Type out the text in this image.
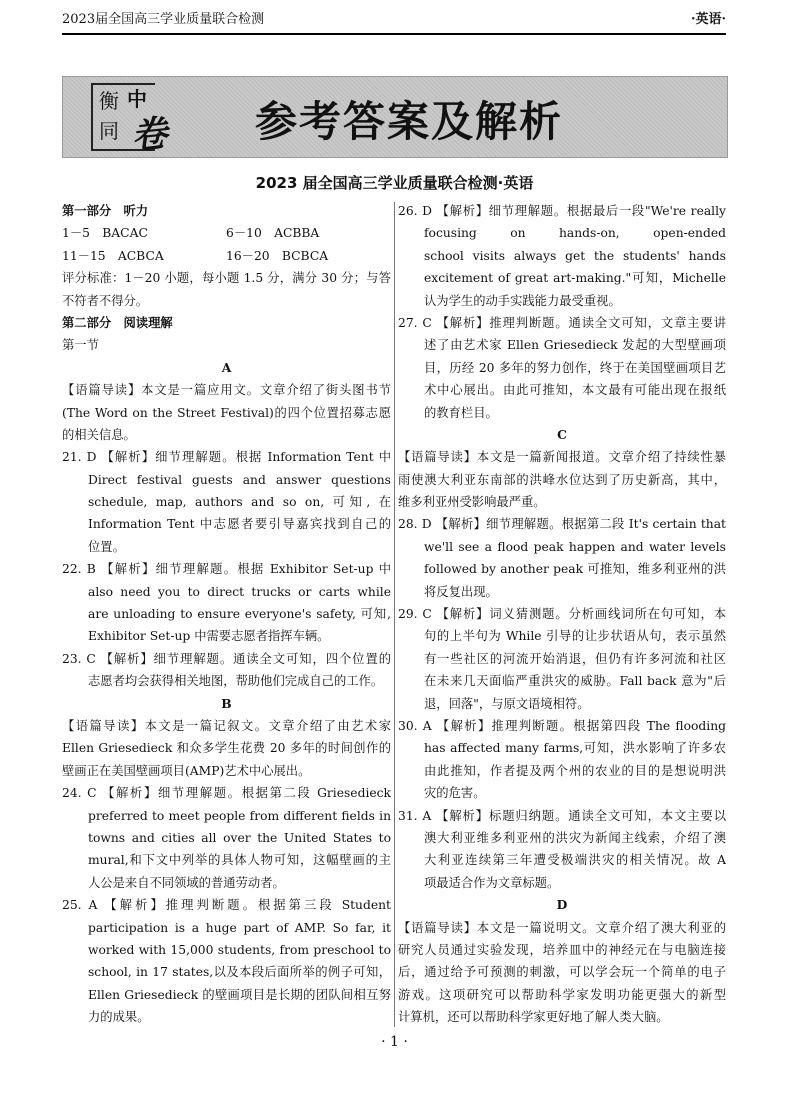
2023届全国高三学业质量联合检测	·英语·
衡 中
同 卷 参考答案及解析
2023 届全国高三学业质量联合检测·英语
第一部分　听力
1－5　BACAC	6－10　ACBBA
11－15　ACBCA	16－20　BCBCA
评分标准：1－20 小题，每小题 1.5 分，满分 30 分；与答
不符者不得分。
第二部分　阅读理解
第一节
A
【语篇导读】本文是一篇应用文。文章介绍了街头图书节
(The Word on the Street Festival)的四个位置招募志愿
的相关信息。
21. D 【解析】细节理解题。根据 Information Tent 中
Direct festival guests and answer questions
schedule, map, authors and so on, 可知, 在
Information Tent 中志愿者要引导嘉宾找到自己的
位置。
22. B 【解析】细节理解题。根据 Exhibitor Set-up 中
also need you to direct trucks or carts while
are unloading to ensure everyone's safety, 可知,
Exhibitor Set-up 中需要志愿者指挥车辆。
23. C 【解析】细节理解题。通读全文可知，四个位置的
志愿者均会获得相关地图，帮助他们完成自己的工作。
B
【语篇导读】本文是一篇记叙文。文章介绍了由艺术家
Ellen Griesedieck 和众多学生花费 20 多年的时间创作的
壁画正在美国壁画项目(AMP)艺术中心展出。
24. C 【解析】细节理解题。根据第二段 Griesedieck
preferred to meet people from different fields in
towns and cities all over the United States to
mural,和下文中列举的具体人物可知，这幅壁画的主
人公是来自不同领域的普通劳动者。
25. A 【解析】推理判断题。根据第三段 Student
participation is a huge part of AMP. So far, it
worked with 15,000 students, from preschool to
school, in 17 states,以及本段后面所举的例子可知，
Ellen Griesedieck 的壁画项目是长期的团队间相互努
力的成果。
26. D 【解析】细节理解题。根据最后一段"We're really
focusing on hands-on, open-ended
school visits always get the students' hands
excitement of great art-making."可知，Michelle
认为学生的动手实践能力最受重视。
27. C 【解析】推理判断题。通读全文可知，文章主要讲
述了由艺术家 Ellen Griesedieck 发起的大型壁画项
目，历经 20 多年的努力创作，终于在美国壁画项目艺
术中心展出。由此可推知，本文最有可能出现在报纸
的教育栏目。
C
【语篇导读】本文是一篇新闻报道。文章介绍了持续性暴
雨使澳大利亚东南部的洪峰水位达到了历史新高，其中，
维多利亚州受影响最严重。
28. D 【解析】细节理解题。根据第二段 It's certain that
we'll see a flood peak happen and water levels
followed by another peak 可推知，维多利亚州的洪
将反复出现。
29. C 【解析】词义猜测题。分析画线词所在句可知，本
句的上半句为 While 引导的让步状语从句，表示虽然
有一些社区的河流开始消退，但仍有许多河流和社区
在未来几天面临严重洪灾的威胁。Fall back 意为"后
退，回落"，与原文语境相符。
30. A 【解析】推理判断题。根据第四段 The flooding
has affected many farms,可知，洪水影响了许多农
由此推知，作者提及两个州的农业的目的是想说明洪
灾的危害。
31. A 【解析】标题归纳题。通读全文可知，本文主要以
澳大利亚维多利亚州的洪灾为新闻主线索，介绍了澳
大利亚连续第三年遭受极端洪灾的相关情况。故 A
项最适合作为文章标题。
D
【语篇导读】本文是一篇说明文。文章介绍了澳大利亚的
研究人员通过实验发现，培养皿中的神经元在与电脑连接
后，通过给予可预测的刺激，可以学会玩一个简单的电子
游戏。这项研究可以帮助科学家发明功能更强大的新型
计算机，还可以帮助科学家更好地了解人类大脑。
· 1 ·
